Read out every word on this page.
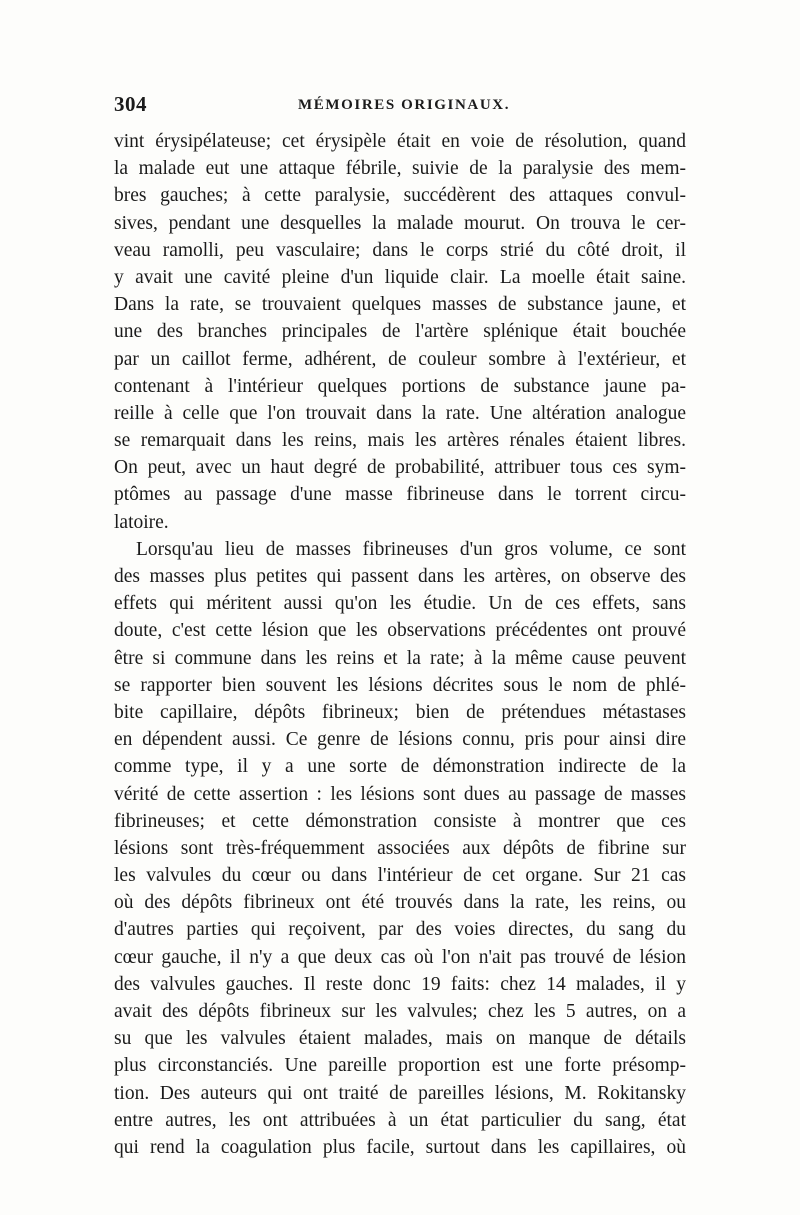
304	MÉMOIRES ORIGINAUX.
vint érysipélateuse; cet érysipèle était en voie de résolution, quand
la malade eut une attaque fébrile, suivie de la paralysie des mem-
bres gauches; à cette paralysie, succédèrent des attaques convul-
sives, pendant une desquelles la malade mourut. On trouva le cer-
veau ramolli, peu vasculaire; dans le corps strié du côté droit, il
y avait une cavité pleine d'un liquide clair. La moelle était saine.
Dans la rate, se trouvaient quelques masses de substance jaune, et
une des branches principales de l'artère splénique était bouchée
par un caillot ferme, adhérent, de couleur sombre à l'extérieur, et
contenant à l'intérieur quelques portions de substance jaune pa-
reille à celle que l'on trouvait dans la rate. Une altération analogue
se remarquait dans les reins, mais les artères rénales étaient libres.
On peut, avec un haut degré de probabilité, attribuer tous ces sym-
ptômes au passage d'une masse fibrineuse dans le torrent circu-
latoire.
Lorsqu'au lieu de masses fibrineuses d'un gros volume, ce sont
des masses plus petites qui passent dans les artères, on observe des
effets qui méritent aussi qu'on les étudie. Un de ces effets, sans
doute, c'est cette lésion que les observations précédentes ont prouvé
être si commune dans les reins et la rate; à la même cause peuvent
se rapporter bien souvent les lésions décrites sous le nom de phlé-
bite capillaire, dépôts fibrineux; bien de prétendues métastases
en dépendent aussi. Ce genre de lésions connu, pris pour ainsi dire
comme type, il y a une sorte de démonstration indirecte de la
vérité de cette assertion : les lésions sont dues au passage de masses
fibrineuses; et cette démonstration consiste à montrer que ces
lésions sont très-fréquemment associées aux dépôts de fibrine sur
les valvules du cœur ou dans l'intérieur de cet organe. Sur 21 cas
où des dépôts fibrineux ont été trouvés dans la rate, les reins, ou
d'autres parties qui reçoivent, par des voies directes, du sang du
cœur gauche, il n'y a que deux cas où l'on n'ait pas trouvé de lésion
des valvules gauches. Il reste donc 19 faits: chez 14 malades, il y
avait des dépôts fibrineux sur les valvules; chez les 5 autres, on a
su que les valvules étaient malades, mais on manque de détails
plus circonstanciés. Une pareille proportion est une forte présomp-
tion. Des auteurs qui ont traité de pareilles lésions, M. Rokitansky
entre autres, les ont attribuées à un état particulier du sang, état
qui rend la coagulation plus facile, surtout dans les capillaires, où
